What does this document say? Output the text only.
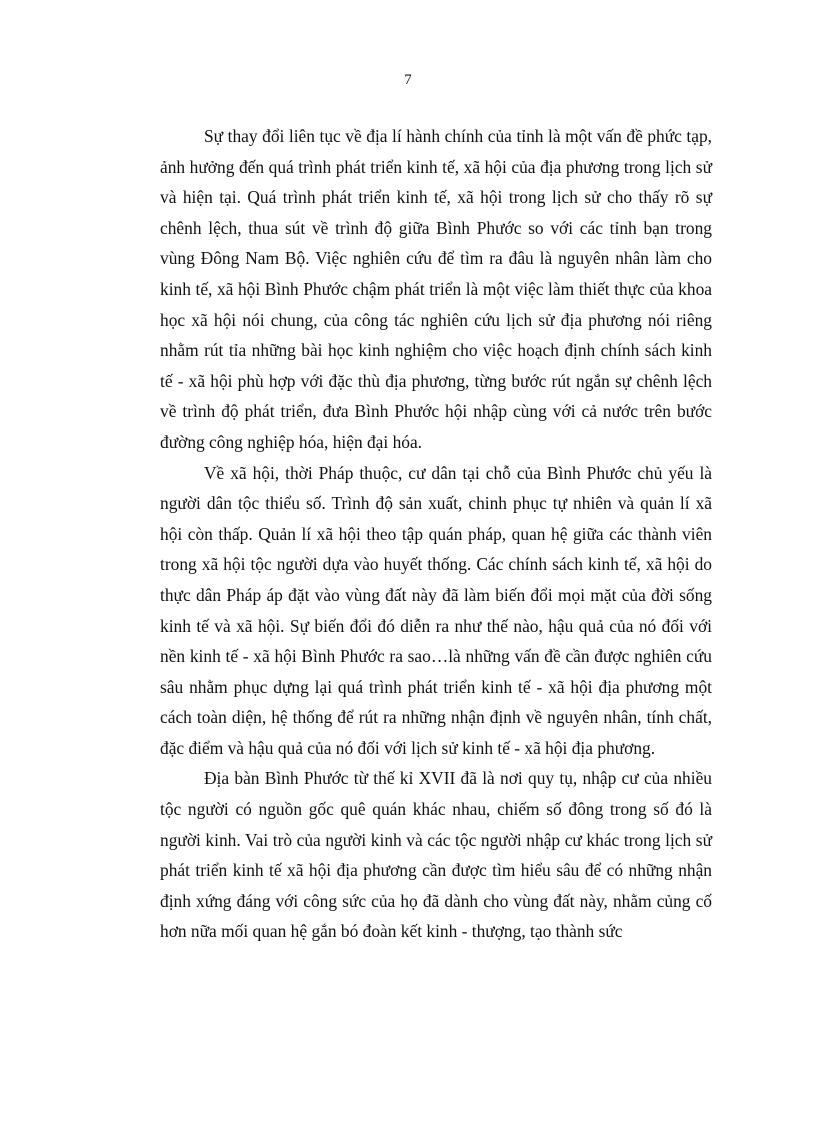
7

Sự thay đổi liên tục về địa lí hành chính của tỉnh là một vấn đề phức tạp, ảnh hưởng đến quá trình phát triển kinh tế, xã hội của địa phương trong lịch sử và hiện tại. Quá trình phát triển kinh tế, xã hội trong lịch sử cho thấy rõ sự chênh lệch, thua sút về trình độ giữa Bình Phước so với các tỉnh bạn trong vùng Đông Nam Bộ. Việc nghiên cứu để tìm ra đâu là nguyên nhân làm cho kinh tế, xã hội Bình Phước chậm phát triển là một việc làm thiết thực của khoa học xã hội nói chung, của công tác nghiên cứu lịch sử địa phương nói riêng nhằm rút tỉa những bài học kinh nghiệm cho việc hoạch định chính sách kinh tế - xã hội phù hợp với đặc thù địa phương, từng bước rút ngắn sự chênh lệch về trình độ phát triển, đưa Bình Phước hội nhập cùng với cả nước trên bước đường công nghiệp hóa, hiện đại hóa.

Về xã hội, thời Pháp thuộc, cư dân tại chỗ của Bình Phước chủ yếu là người dân tộc thiểu số. Trình độ sản xuất, chinh phục tự nhiên và quản lí xã hội còn thấp. Quản lí xã hội theo tập quán pháp, quan hệ giữa các thành viên trong xã hội tộc người dựa vào huyết thống. Các chính sách kinh tế, xã hội do thực dân Pháp áp đặt vào vùng đất này đã làm biến đổi mọi mặt của đời sống kinh tế và xã hội. Sự biến đổi đó diễn ra như thế nào, hậu quả của nó đối với nền kinh tế - xã hội Bình Phước ra sao…là những vấn đề cần được nghiên cứu sâu nhằm phục dựng lại quá trình phát triển kinh tế - xã hội địa phương một cách toàn diện, hệ thống để rút ra những nhận định về nguyên nhân, tính chất, đặc điểm và hậu quả của nó đối với lịch sử kinh tế - xã hội địa phương.

Địa bàn Bình Phước từ thế kỉ XVII đã là nơi quy tụ, nhập cư của nhiều tộc người có nguồn gốc quê quán khác nhau, chiếm số đông trong số đó là người kinh. Vai trò của người kinh và các tộc người nhập cư khác trong lịch sử phát triển kinh tế xã hội địa phương cần được tìm hiểu sâu để có những nhận định xứng đáng với công sức của họ đã dành cho vùng đất này, nhằm củng cố hơn nữa mối quan hệ gắn bó đoàn kết kinh - thượng, tạo thành sức
